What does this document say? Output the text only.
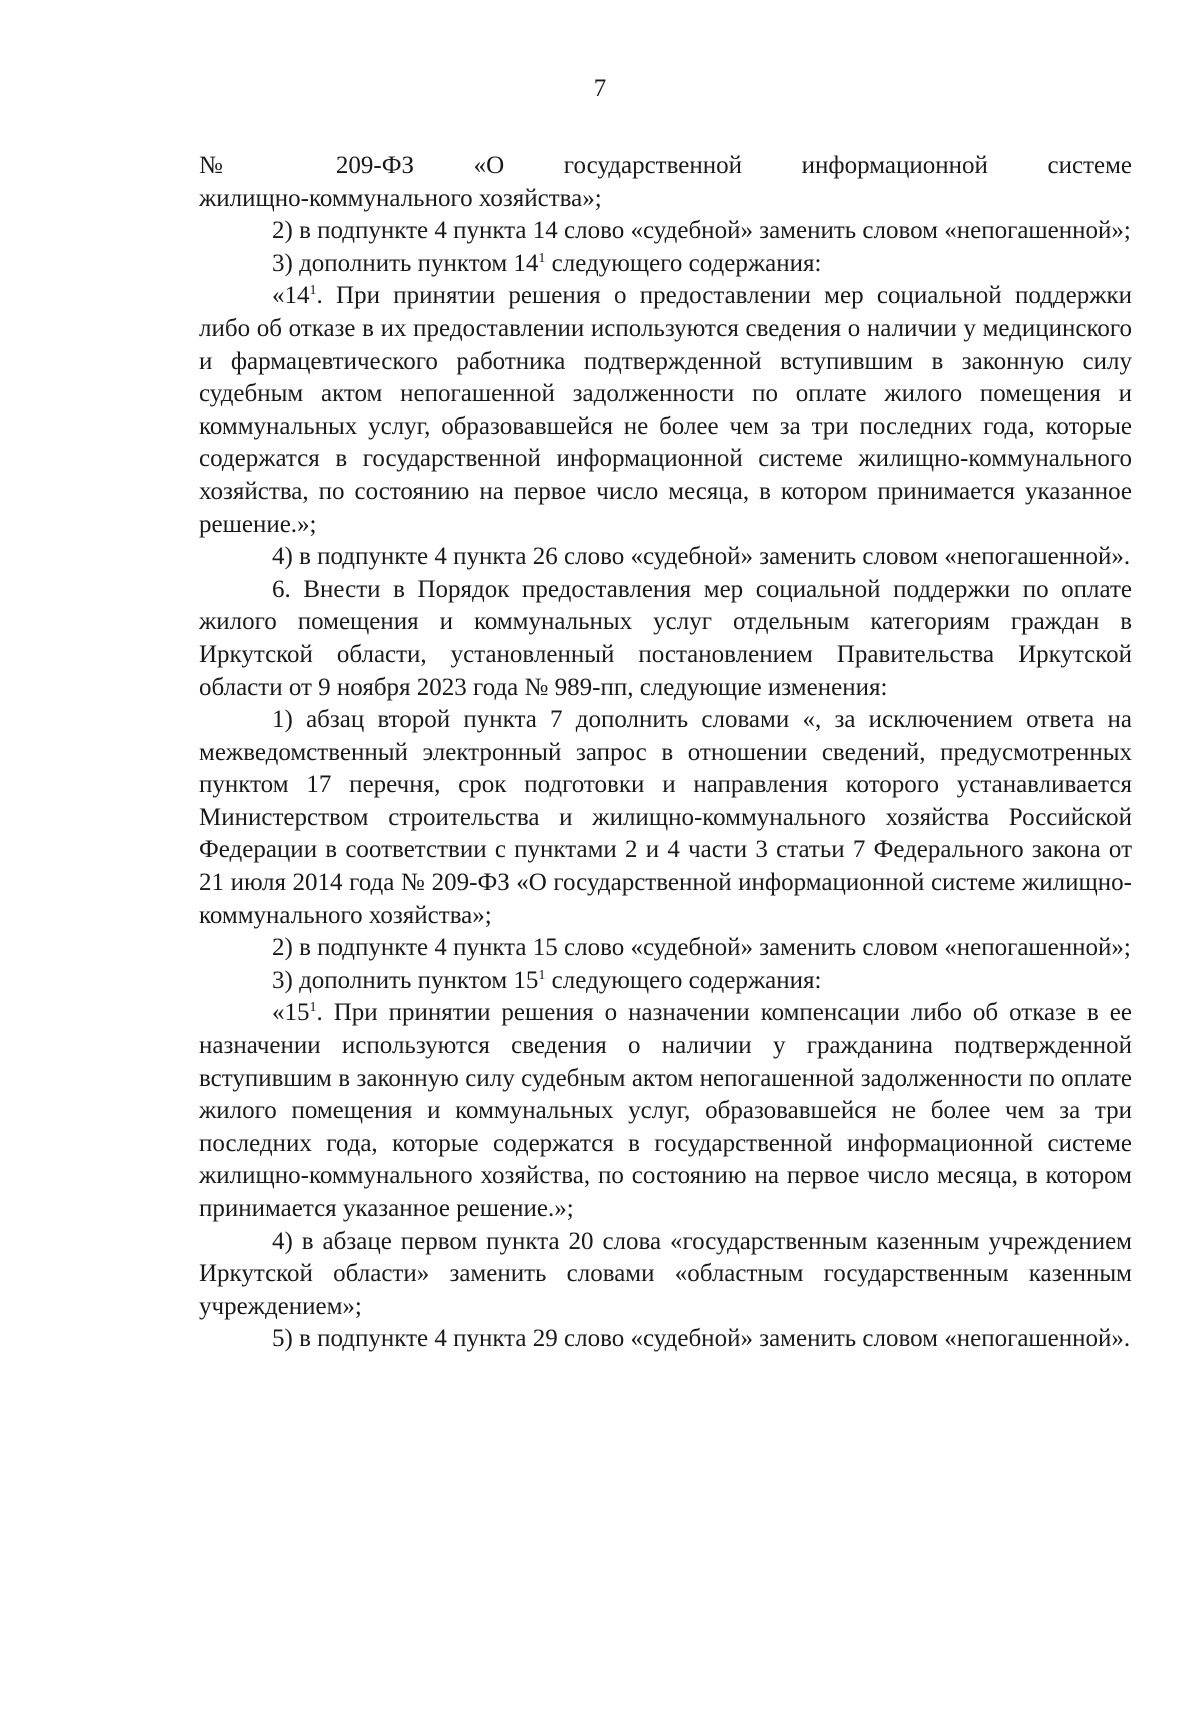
7

№ 209-ФЗ «О государственной информационной системе
жилищно-коммунального хозяйства»;

2) в подпункте 4 пункта 14 слово «судебной» заменить словом «непогашенной»;

3) дополнить пунктом $14^1$ следующего содержания:

«$14^1$. При принятии решения о предоставлении мер социальной поддержки либо об отказе в их предоставлении используются сведения о наличии у медицинского и фармацевтического работника подтвержденной вступившим в законную силу судебным актом непогашенной задолженности по оплате жилого помещения и коммунальных услуг, образовавшейся не более чем за три последних года, которые содержатся в государственной информационной системе жилищно-коммунального хозяйства, по состоянию на первое число месяца, в котором принимается указанное решение.»;

4) в подпункте 4 пункта 26 слово «судебной» заменить словом «непогашенной».

6. Внести в Порядок предоставления мер социальной поддержки по оплате жилого помещения и коммунальных услуг отдельным категориям граждан в Иркутской области, установленный постановлением Правительства Иркутской области от 9 ноября 2023 года № 989-пп, следующие изменения:

1) абзац второй пункта 7 дополнить словами «, за исключением ответа на межведомственный электронный запрос в отношении сведений, предусмотренных пунктом 17 перечня, срок подготовки и направления которого устанавливается Министерством строительства и жилищно-коммунального хозяйства Российской Федерации в соответствии с пунктами 2 и 4 части 3 статьи 7 Федерального закона от 21 июля 2014 года № 209-ФЗ «О государственной информационной системе жилищно-коммунального хозяйства»;

2) в подпункте 4 пункта 15 слово «судебной» заменить словом «непогашенной»;

3) дополнить пунктом $15^1$ следующего содержания:

«$15^1$. При принятии решения о назначении компенсации либо об отказе в ее назначении используются сведения о наличии у гражданина подтвержденной вступившим в законную силу судебным актом непогашенной задолженности по оплате жилого помещения и коммунальных услуг, образовавшейся не более чем за три последних года, которые содержатся в государственной информационной системе жилищно-коммунального хозяйства, по состоянию на первое число месяца, в котором принимается указанное решение.»;

4) в абзаце первом пункта 20 слова «государственным казенным учреждением Иркутской области» заменить словами «областным государственным казенным учреждением»;

5) в подпункте 4 пункта 29 слово «судебной» заменить словом «непогашенной».
